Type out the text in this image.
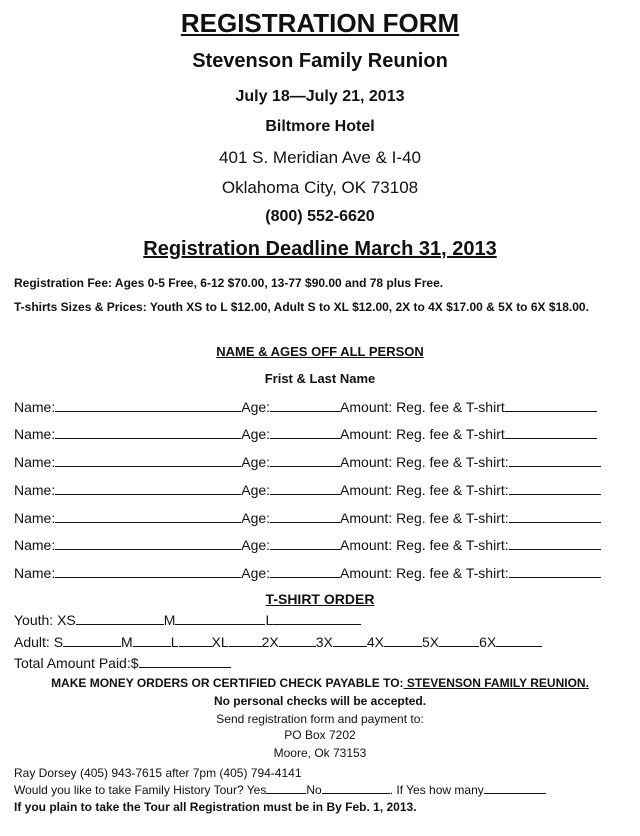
REGISTRATION FORM
Stevenson Family Reunion
July 18—July 21, 2013
Biltmore Hotel
401 S. Meridian Ave & I-40
Oklahoma City, OK 73108
(800) 552-6620
Registration Deadline March 31, 2013
Registration Fee: Ages 0-5 Free, 6-12 $70.00, 13-77 $90.00 and 78 plus Free.
T-shirts Sizes & Prices: Youth XS to L $12.00, Adult S to XL $12.00, 2X to 4X $17.00 & 5X to 6X $18.00.
NAME & AGES OFF ALL PERSON
Frist & Last Name
Name:	Age:	Amount: Reg. fee & T-shirt
Name:	Age:	Amount: Reg. fee & T-shirt
Name:	Age:	Amount: Reg. fee & T-shirt:
Name:	Age:	Amount: Reg. fee & T-shirt:
Name:	Age:	Amount: Reg. fee & T-shirt:
Name:	Age:	Amount: Reg. fee & T-shirt:
Name:	Age:	Amount: Reg. fee & T-shirt:
T-SHIRT ORDER
Youth: XS	M	L
Adult: S	M	L XL 2X	3X 4X	5X	6X
Total Amount Paid:$
MAKE MONEY ORDERS OR CERTIFIED CHECK PAYABLE TO: STEVENSON FAMILY REUNION.
No personal checks will be accepted.
Send registration form and payment to:
PO Box 7202
Moore, Ok 73153
Ray Dorsey (405) 943-7615 after 7pm (405) 794-4141
Would you like to take Family History Tour? Yes	No	. If Yes how many
If you plain to take the Tour all Registration must be in By Feb. 1, 2013.
